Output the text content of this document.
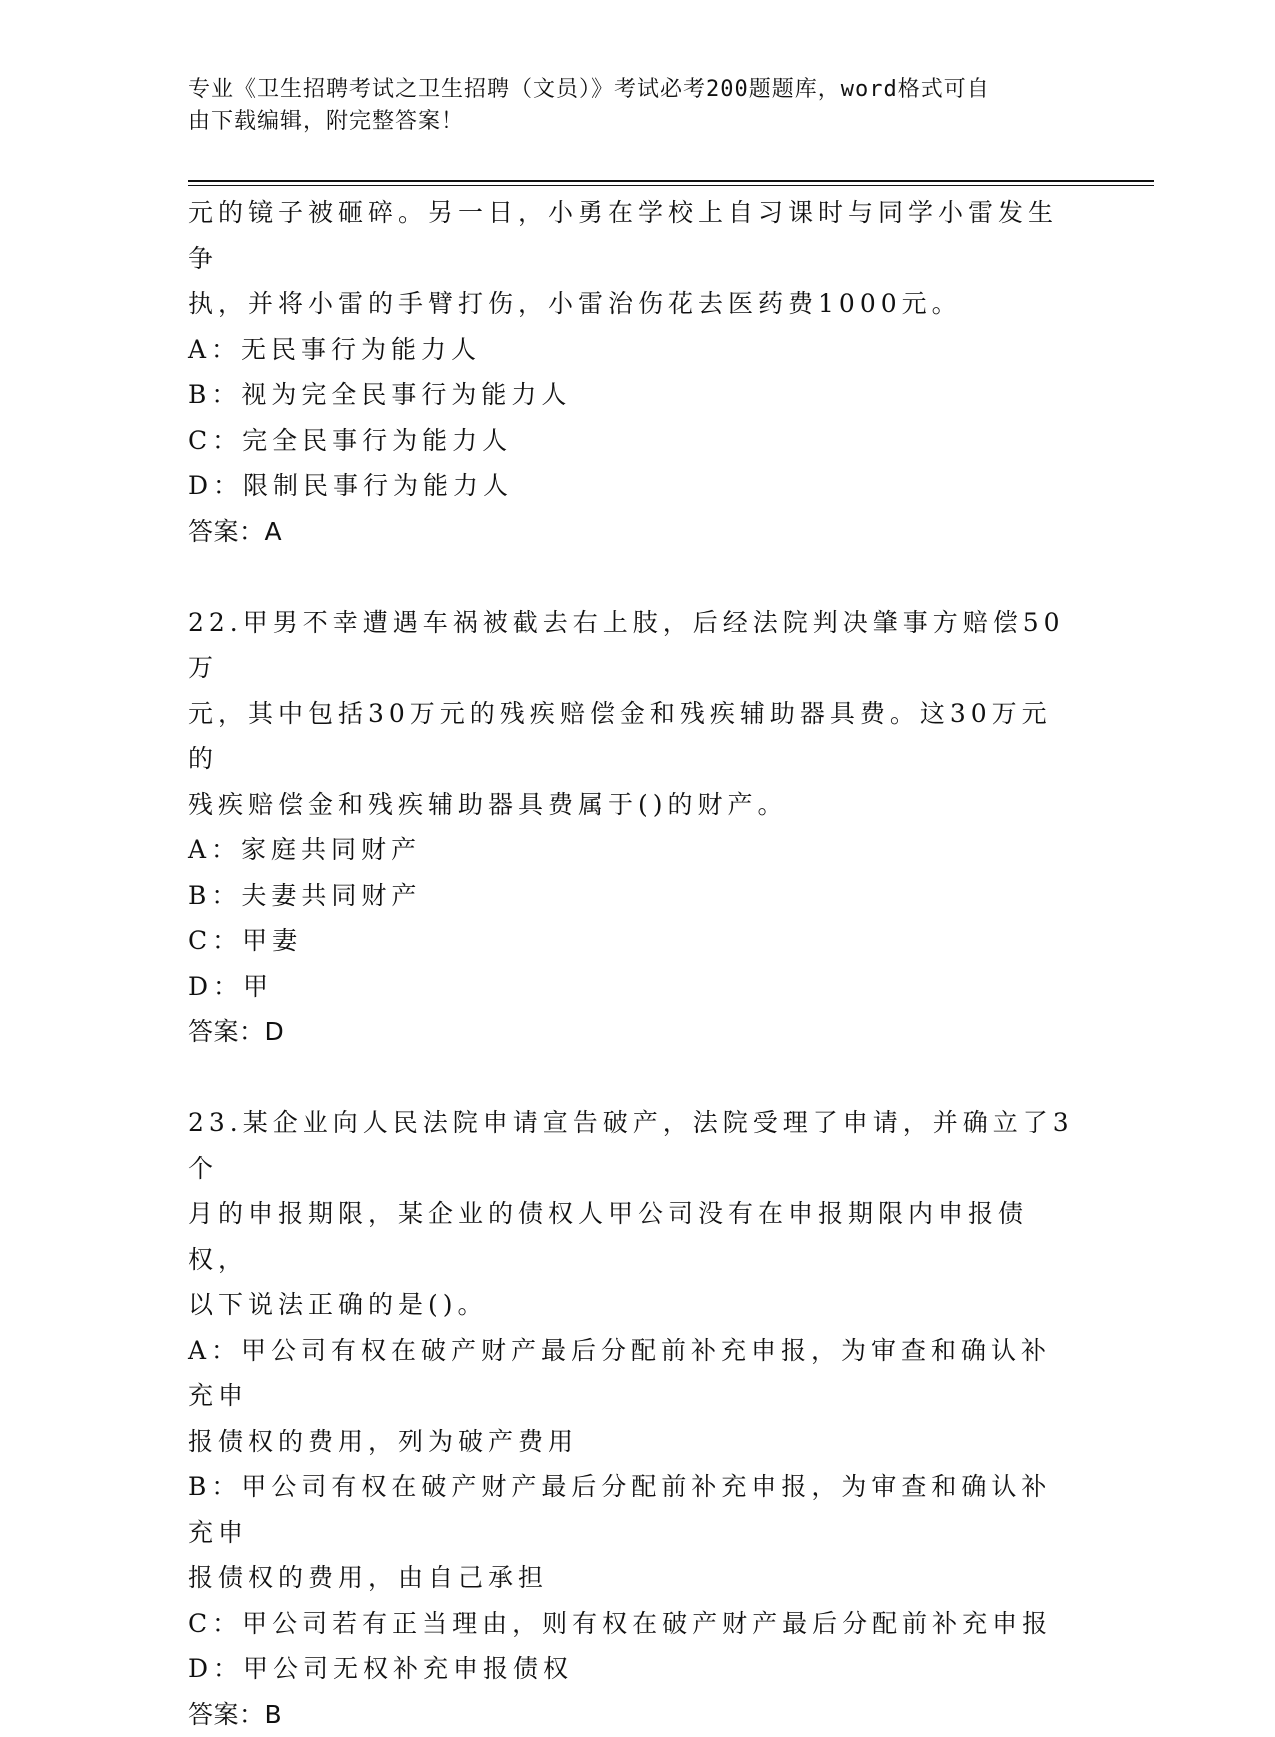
专业《卫生招聘考试之卫生招聘（文员）》考试必考200题题库，word格式可自
由下载编辑，附完整答案！

元的镜子被砸碎。另一日，小勇在学校上自习课时与同学小雷发生争

执，并将小雷的手臂打伤，小雷治伤花去医药费1000元。

A：无民事行为能力人

B：视为完全民事行为能力人

C：完全民事行为能力人

D：限制民事行为能力人

答案：A

22.甲男不幸遭遇车祸被截去右上肢，后经法院判决肇事方赔偿50万

元，其中包括30万元的残疾赔偿金和残疾辅助器具费。这30万元的

残疾赔偿金和残疾辅助器具费属于()的财产。

A：家庭共同财产

B：夫妻共同财产

C：甲妻

D：甲

答案：D

23.某企业向人民法院申请宣告破产，法院受理了申请，并确立了3个

月的申报期限，某企业的债权人甲公司没有在申报期限内申报债权，

以下说法正确的是()。

A：甲公司有权在破产财产最后分配前补充申报，为审查和确认补充申

报债权的费用，列为破产费用

B：甲公司有权在破产财产最后分配前补充申报，为审查和确认补充申

报债权的费用，由自己承担

C：甲公司若有正当理由，则有权在破产财产最后分配前补充申报

D：甲公司无权补充申报债权

答案：B
